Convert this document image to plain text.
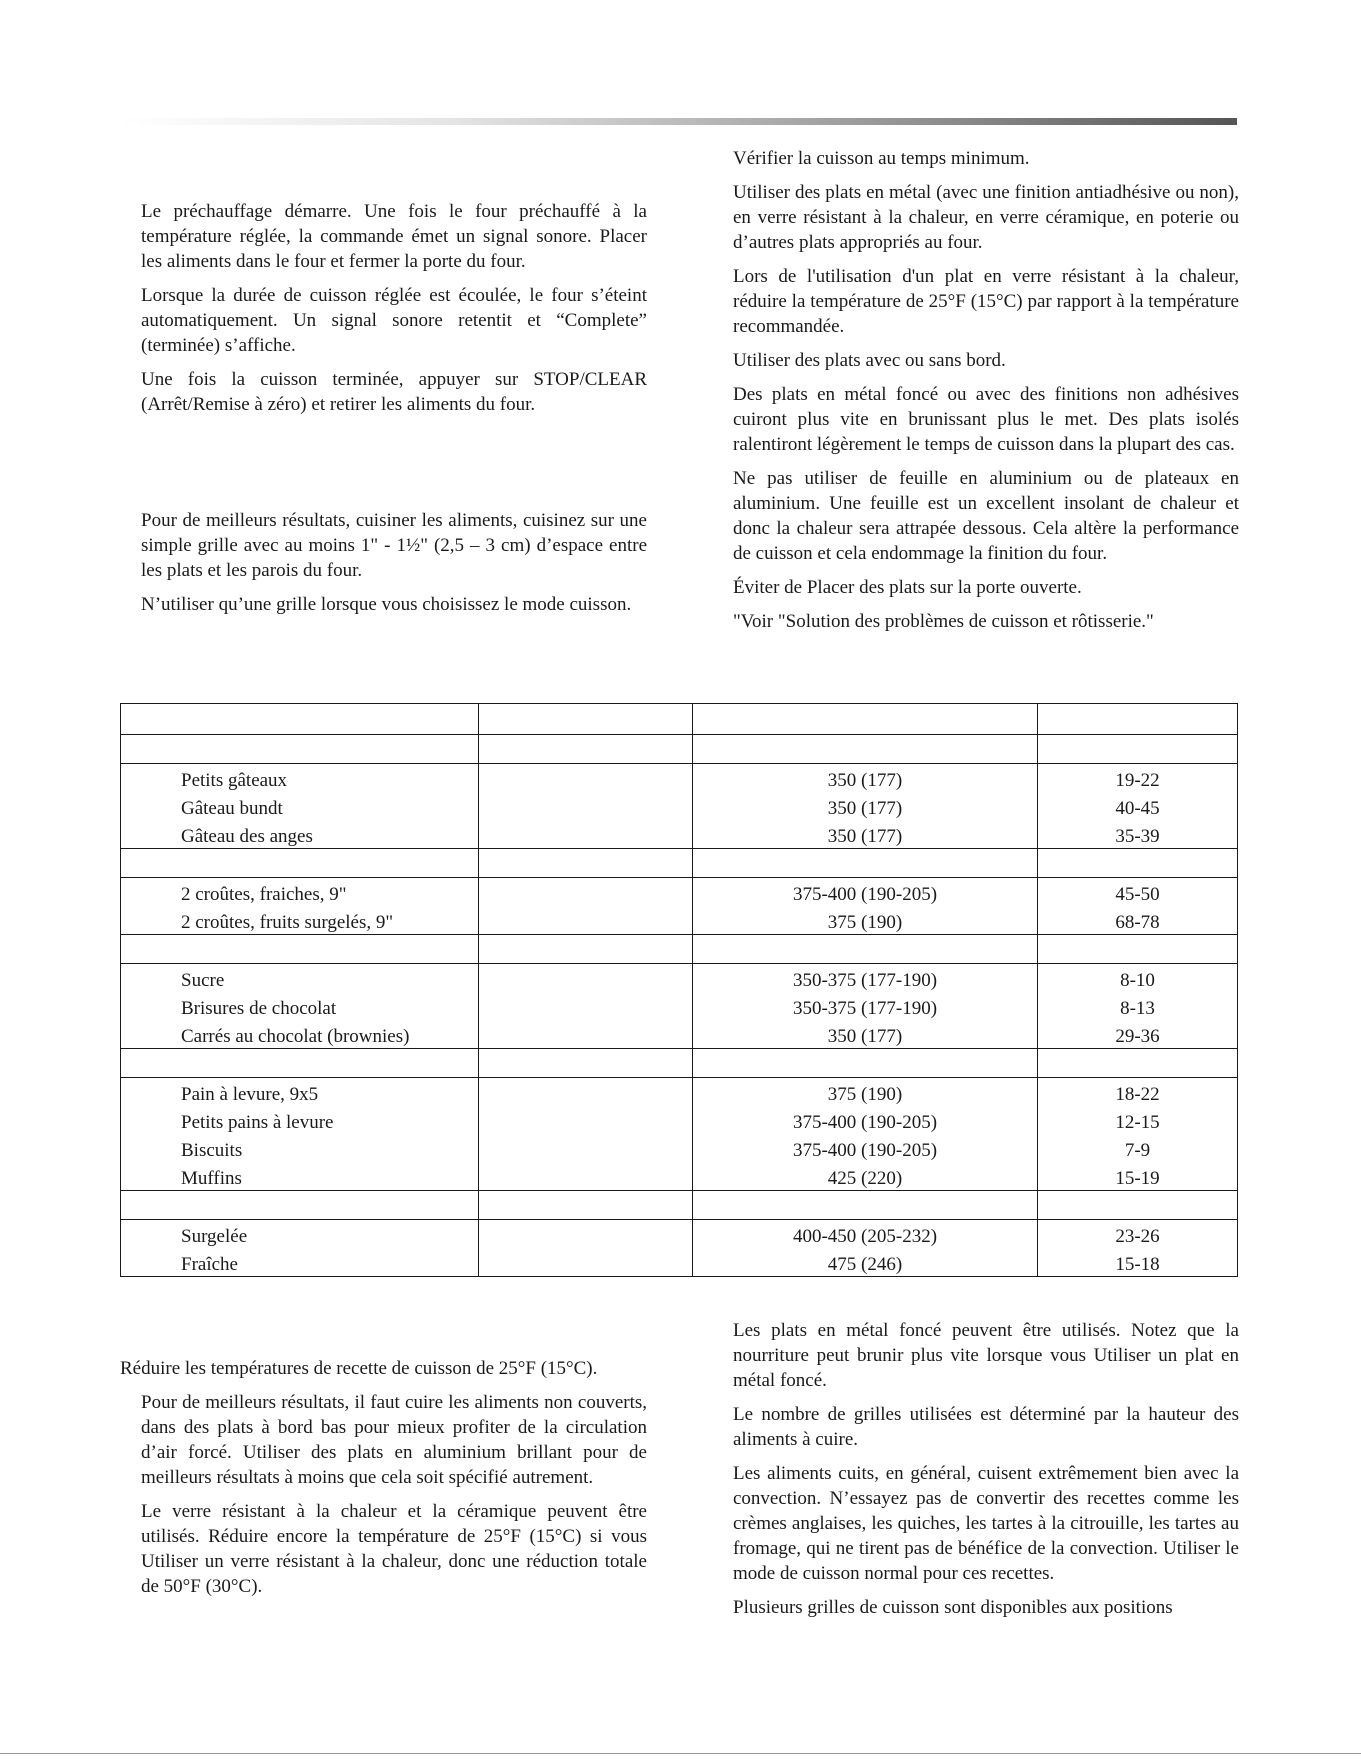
Le préchauffage démarre. Une fois le four préchauffé à la température réglée, la commande émet un signal sonore. Placer les aliments dans le four et fermer la porte du four.

Lorsque la durée de cuisson réglée est écoulée, le four s’éteint automatiquement. Un signal sonore retentit et “Complete” (terminée) s’affiche.

Une fois la cuisson terminée, appuyer sur STOP/CLEAR (Arrêt/Remise à zéro) et retirer les aliments du four.

Pour de meilleurs résultats, cuisiner les aliments, cuisinez sur une simple grille avec au moins 1" - 1½" (2,5 – 3 cm) d’espace entre les plats et les parois du four.

N’utiliser qu’une grille lorsque vous choisissez le mode cuisson.

Vérifier la cuisson au temps minimum.

Utiliser des plats en métal (avec une finition antiadhésive ou non), en verre résistant à la chaleur, en verre céramique, en poterie ou d’autres plats appropriés au four.

Lors de l'utilisation d'un plat en verre résistant à la chaleur, réduire la température de 25°F (15°C) par rapport à la température recommandée.

Utiliser des plats avec ou sans bord.

Des plats en métal foncé ou avec des finitions non adhésives cuiront plus vite en brunissant plus le met. Des plats isolés ralentiront légèrement le temps de cuisson dans la plupart des cas.

Ne pas utiliser de feuille en aluminium ou de plateaux en aluminium. Une feuille est un excellent insolant de chaleur et donc la chaleur sera attrapée dessous. Cela altère la performance de cuisson et cela endommage la finition du four.

Éviter de Placer des plats sur la porte ouverte.

"Voir "Solution des problèmes de cuisson et rôtisserie."

Petits gâteaux		350 (177)	19-22
Gâteau bundt		350 (177)	40-45
Gâteau des anges		350 (177)	35-39

2 croûtes, fraiches, 9"		375-400 (190-205)	45-50
2 croûtes, fruits surgelés, 9"		375 (190)	68-78

Sucre		350-375 (177-190)	8-10
Brisures de chocolat		350-375 (177-190)	8-13
Carrés au chocolat (brownies)		350 (177)	29-36

Pain à levure, 9x5		375 (190)	18-22
Petits pains à levure		375-400 (190-205)	12-15
Biscuits		375-400 (190-205)	7-9
Muffins		425 (220)	15-19

Surgelée		400-450 (205-232)	23-26
Fraîche		475 (246)	15-18

Réduire les températures de recette de cuisson de 25°F (15°C).

Pour de meilleurs résultats, il faut cuire les aliments non couverts, dans des plats à bord bas pour mieux profiter de la circulation d’air forcé. Utiliser des plats en aluminium brillant pour de meilleurs résultats à moins que cela soit spécifié autrement.

Le verre résistant à la chaleur et la céramique peuvent être utilisés. Réduire encore la température de 25°F (15°C) si vous Utiliser un verre résistant à la chaleur, donc une réduction totale de 50°F (30°C).

Les plats en métal foncé peuvent être utilisés. Notez que la nourriture peut brunir plus vite lorsque vous Utiliser un plat en métal foncé.

Le nombre de grilles utilisées est déterminé par la hauteur des aliments à cuire.

Les aliments cuits, en général, cuisent extrêmement bien avec la convection. N’essayez pas de convertir des recettes comme les crèmes anglaises, les quiches, les tartes à la citrouille, les tartes au fromage, qui ne tirent pas de bénéfice de la convection. Utiliser le mode de cuisson normal pour ces recettes.

Plusieurs grilles de cuisson sont disponibles aux positions
